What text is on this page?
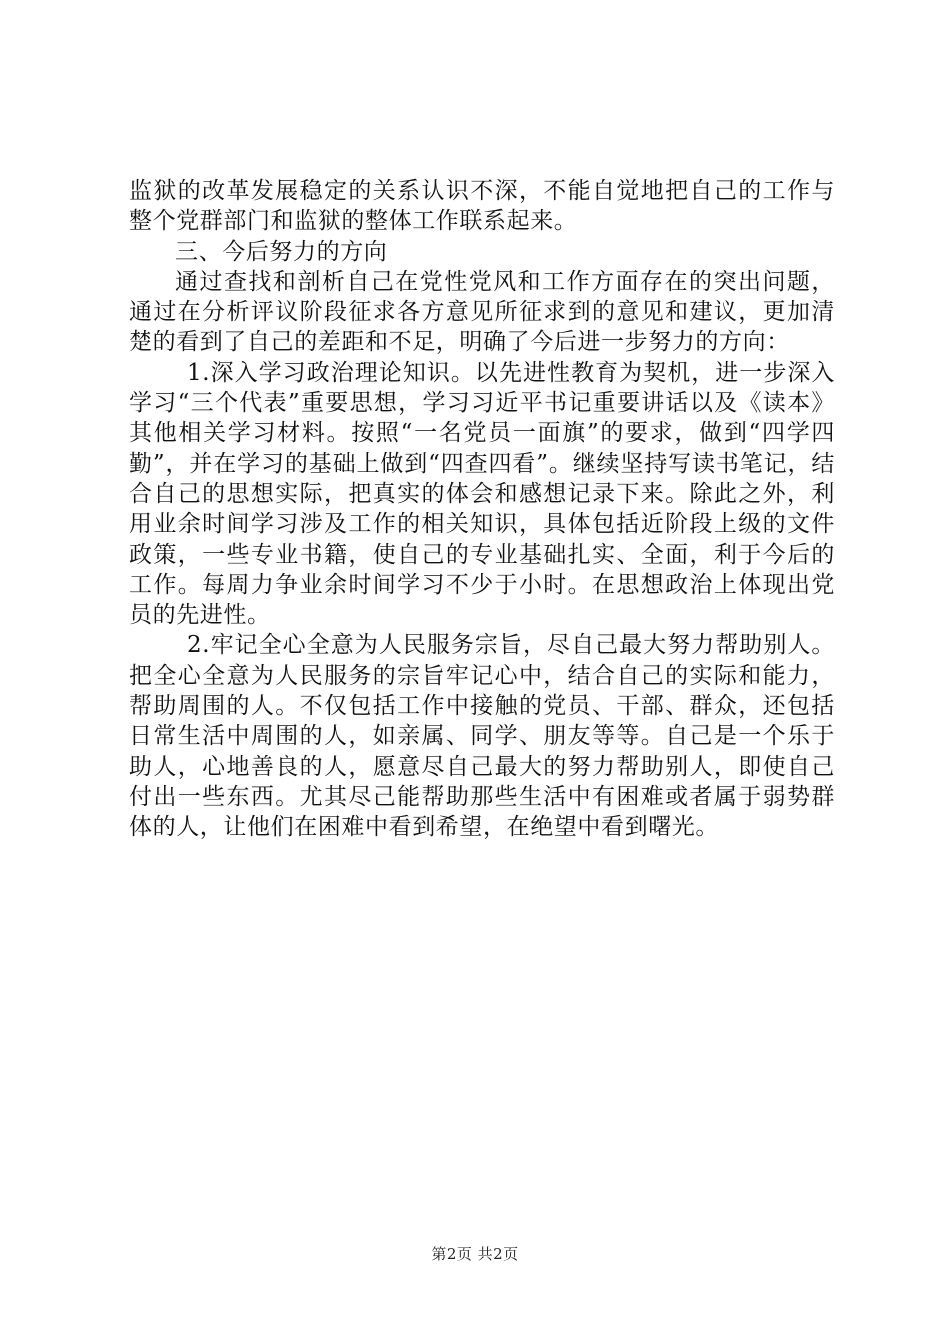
监狱的改革发展稳定的关系认识不深，不能自觉地把自己的工作与整个党群部门和监狱的整体工作联系起来。

三、今后努力的方向

通过查找和剖析自己在党性党风和工作方面存在的突出问题，通过在分析评议阶段征求各方意见所征求到的意见和建议，更加清楚的看到了自己的差距和不足，明确了今后进一步努力的方向：

1.深入学习政治理论知识。以先进性教育为契机，进一步深入学习“三个代表”重要思想，学习习近平书记重要讲话以及《读本》其他相关学习材料。按照“一名党员一面旗”的要求，做到“四学四勤”，并在学习的基础上做到“四查四看”。继续坚持写读书笔记，结合自己的思想实际，把真实的体会和感想记录下来。除此之外，利用业余时间学习涉及工作的相关知识，具体包括近阶段上级的文件政策，一些专业书籍，使自己的专业基础扎实、全面，利于今后的工作。每周力争业余时间学习不少于小时。在思想政治上体现出党员的先进性。

2.牢记全心全意为人民服务宗旨，尽自己最大努力帮助别人。把全心全意为人民服务的宗旨牢记心中，结合自己的实际和能力，帮助周围的人。不仅包括工作中接触的党员、干部、群众，还包括日常生活中周围的人，如亲属、同学、朋友等等。自己是一个乐于助人，心地善良的人，愿意尽自己最大的努力帮助别人，即使自己付出一些东西。尤其尽己能帮助那些生活中有困难或者属于弱势群体的人，让他们在困难中看到希望，在绝望中看到曙光。

第2页 共2页
